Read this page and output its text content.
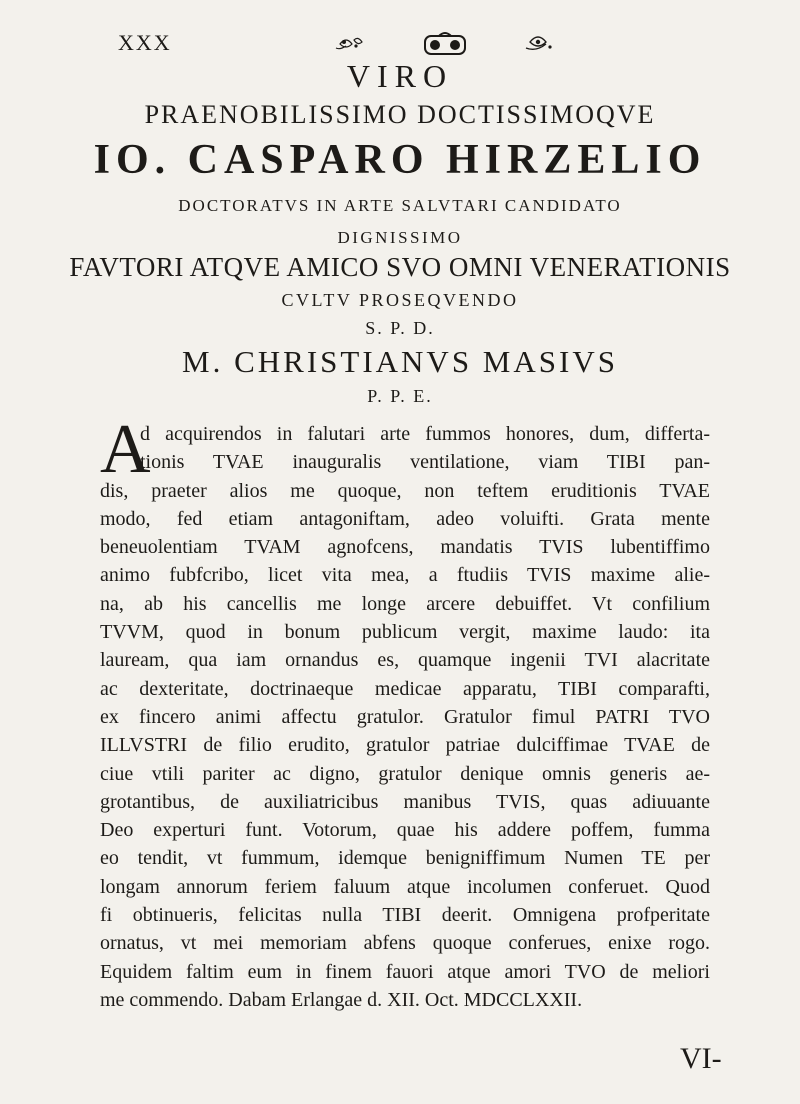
XXX
VIRO
PRAENOBILISSIMO DOCTISSIMOQVE
IO. CASPARO HIRZELIO
DOCTORATVS IN ARTE SALVTARI CANDIDATO
DIGNISSIMO
FAVTORI ATQVE AMICO SVO OMNI VENERATIONIS
CVLTV PROSEQVENDO
S. P. D.
M. CHRISTIANVS MASIVS
P. P. E.
A
d acquirendos in falutari arte fummos honores, dum, differta-
tionis TVAE inauguralis ventilatione, viam TIBI pan-
dis, praeter alios me quoque, non teftem eruditionis TVAE
modo, fed etiam antagoniftam, adeo voluifti. Grata mente
beneuolentiam TVAM agnofcens, mandatis TVIS lubentiffimo
animo fubfcribo, licet vita mea, a ftudiis TVIS maxime alie-
na, ab his cancellis me longe arcere debuiffet. Vt confilium
TVVM, quod in bonum publicum vergit, maxime laudo: ita
lauream, qua iam ornandus es, quamque ingenii TVI alacritate
ac dexteritate, doctrinaeque medicae apparatu, TIBI comparafti,
ex fincero animi affectu gratulor. Gratulor fimul PATRI TVO
ILLVSTRI de filio erudito, gratulor patriae dulciffimae TVAE de
ciue vtili pariter ac digno, gratulor denique omnis generis ae-
grotantibus, de auxiliatricibus manibus TVIS, quas adiuuante
Deo experturi funt. Votorum, quae his addere poffem, fumma
eo tendit, vt fummum, idemque benigniffimum Numen TE per
longam annorum feriem faluum atque incolumen conferuet. Quod
fi obtinueris, felicitas nulla TIBI deerit. Omnigena profperitate
ornatus, vt mei memoriam abfens quoque conferues, enixe rogo.
Equidem faltim eum in finem fauori atque amori TVO de meliori
me commendo. Dabam Erlangae d. XII. Oct. MDCCLXXII.
VI-
